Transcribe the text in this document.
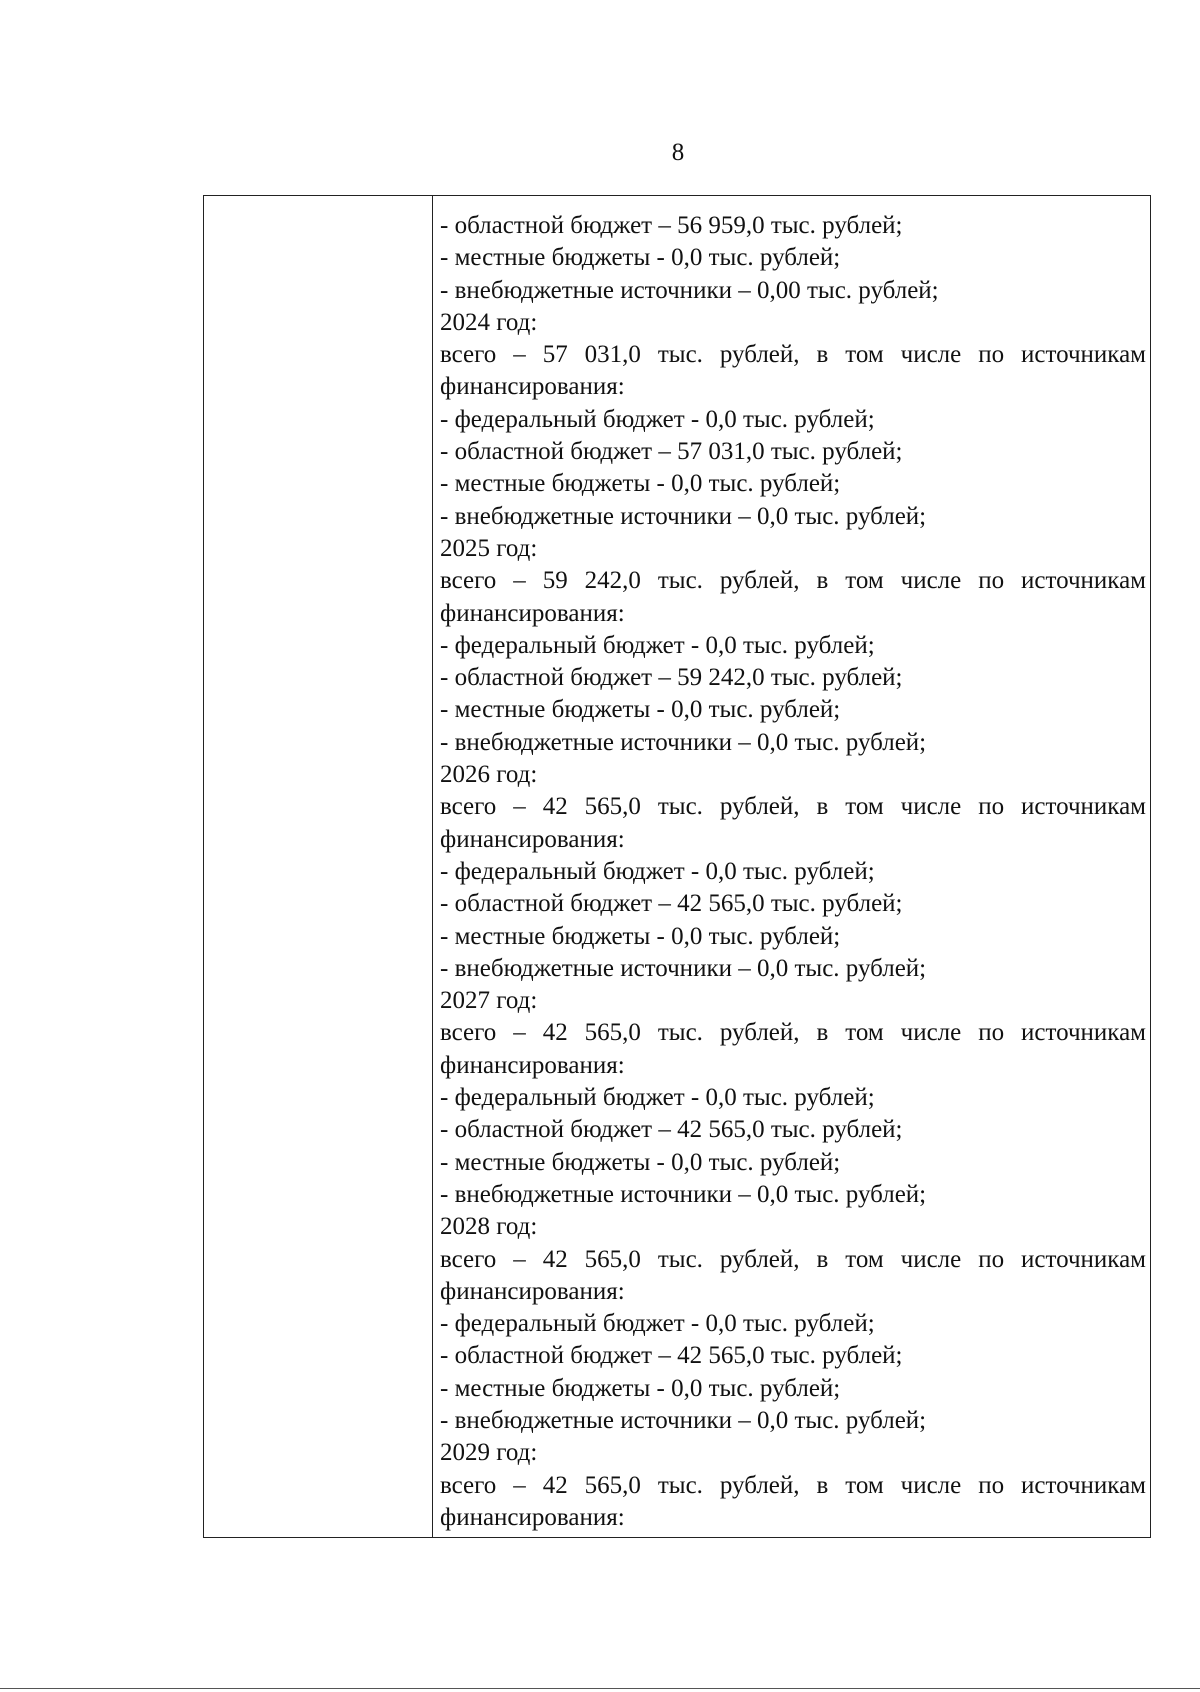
8
- областной бюджет – 56 959,0 тыс. рублей;
- местные бюджеты - 0,0 тыс. рублей;
- внебюджетные источники – 0,00 тыс. рублей;
2024 год:
всего – 57 031,0 тыс. рублей, в том числе по источникам
финансирования:
- федеральный бюджет - 0,0 тыс. рублей;
- областной бюджет – 57 031,0 тыс. рублей;
- местные бюджеты - 0,0 тыс. рублей;
- внебюджетные источники – 0,0 тыс. рублей;
2025 год:
всего – 59 242,0 тыс. рублей, в том числе по источникам
финансирования:
- федеральный бюджет - 0,0 тыс. рублей;
- областной бюджет – 59 242,0 тыс. рублей;
- местные бюджеты - 0,0 тыс. рублей;
- внебюджетные источники – 0,0 тыс. рублей;
2026 год:
всего – 42 565,0 тыс. рублей, в том числе по источникам
финансирования:
- федеральный бюджет - 0,0 тыс. рублей;
- областной бюджет – 42 565,0 тыс. рублей;
- местные бюджеты - 0,0 тыс. рублей;
- внебюджетные источники – 0,0 тыс. рублей;
2027 год:
всего – 42 565,0 тыс. рублей, в том числе по источникам
финансирования:
- федеральный бюджет - 0,0 тыс. рублей;
- областной бюджет – 42 565,0 тыс. рублей;
- местные бюджеты - 0,0 тыс. рублей;
- внебюджетные источники – 0,0 тыс. рублей;
2028 год:
всего – 42 565,0 тыс. рублей, в том числе по источникам
финансирования:
- федеральный бюджет - 0,0 тыс. рублей;
- областной бюджет – 42 565,0 тыс. рублей;
- местные бюджеты - 0,0 тыс. рублей;
- внебюджетные источники – 0,0 тыс. рублей;
2029 год:
всего – 42 565,0 тыс. рублей, в том числе по источникам
финансирования:
